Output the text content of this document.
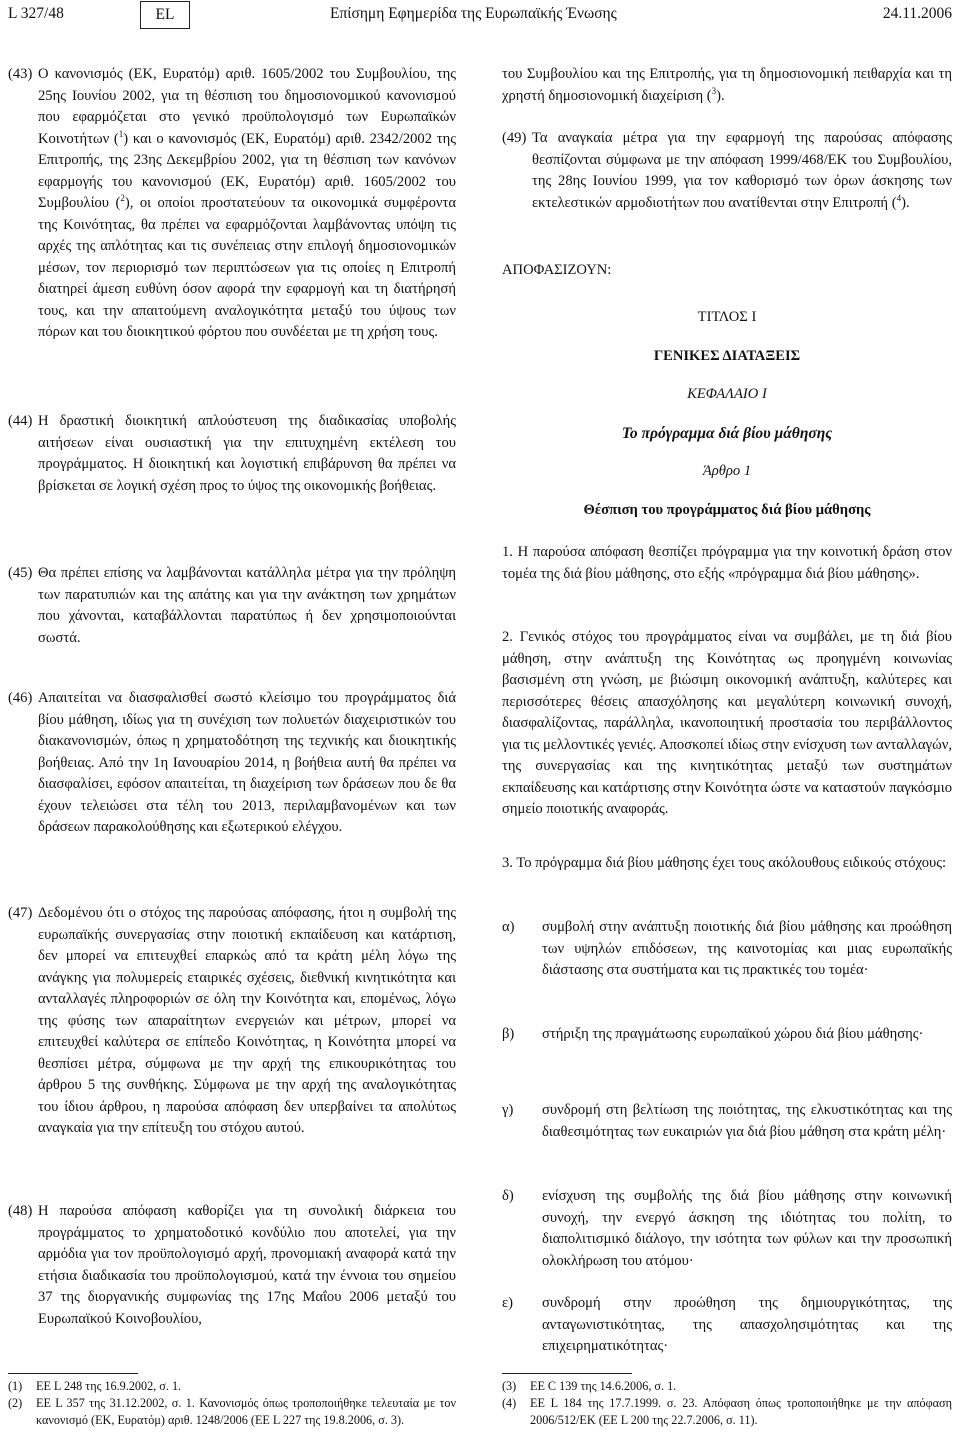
L 327/48	EL	Επίσημη Εφημερίδα της Ευρωπαϊκής Ένωσης	24.11.2006
(43) Ο κανονισμός (ΕΚ, Ευρατόμ) αριθ. 1605/2002 του Συμβουλίου, της 25ης Ιουνίου 2002, για τη θέσπιση του δημοσιονομικού κανονισμού που εφαρμόζεται στο γενικό προϋπολογισμό των Ευρωπαϊκών Κοινοτήτων ($^1$) και ο κανονισμός (ΕΚ, Ευρατόμ) αριθ. 2342/2002 της Επιτροπής, της 23ης Δεκεμβρίου 2002, για τη θέσπιση των κανόνων εφαρμογής του κανονισμού (ΕΚ, Ευρατόμ) αριθ. 1605/2002 του Συμβουλίου ($^2$), οι οποίοι προστατεύουν τα οικονομικά συμφέροντα της Κοινότητας, θα πρέπει να εφαρμόζονται λαμβάνοντας υπόψη τις αρχές της απλότητας και τις συνέπειας στην επιλογή δημοσιονομικών μέσων, τον περιορισμό των περιπτώσεων για τις οποίες η Επιτροπή διατηρεί άμεση ευθύνη όσον αφορά την εφαρμογή και τη διατήρησή τους, και την απαιτούμενη αναλογικότητα μεταξύ του ύψους των πόρων και του διοικητικού φόρτου που συνδέεται με τη χρήση τους.
(44) Η δραστική διοικητική απλούστευση της διαδικασίας υποβολής αιτήσεων είναι ουσιαστική για την επιτυχημένη εκτέλεση του προγράμματος. Η διοικητική και λογιστική επιβάρυνση θα πρέπει να βρίσκεται σε λογική σχέση προς το ύψος της οικονομικής βοήθειας.
(45) Θα πρέπει επίσης να λαμβάνονται κατάλληλα μέτρα για την πρόληψη των παρατυπιών και της απάτης και για την ανάκτηση των χρημάτων που χάνονται, καταβάλλονται παρατύπως ή δεν χρησιμοποιούνται σωστά.
(46) Απαιτείται να διασφαλισθεί σωστό κλείσιμο του προγράμματος διά βίου μάθηση, ιδίως για τη συνέχιση των πολυετών διαχειριστικών του διακανονισμών, όπως η χρηματοδότηση της τεχνικής και διοικητικής βοήθειας. Από την 1η Ιανουαρίου 2014, η βοήθεια αυτή θα πρέπει να διασφαλίσει, εφόσον απαιτείται, τη διαχείριση των δράσεων που δε θα έχουν τελειώσει στα τέλη του 2013, περιλαμβανομένων και των δράσεων παρακολούθησης και εξωτερικού ελέγχου.
(47) Δεδομένου ότι ο στόχος της παρούσας απόφασης, ήτοι η συμβολή της ευρωπαϊκής συνεργασίας στην ποιοτική εκπαίδευση και κατάρτιση, δεν μπορεί να επιτευχθεί επαρκώς από τα κράτη μέλη λόγω της ανάγκης για πολυμερείς εταιρικές σχέσεις, διεθνική κινητικότητα και ανταλλαγές πληροφοριών σε όλη την Κοινότητα και, επομένως, λόγω της φύσης των απαραίτητων ενεργειών και μέτρων, μπορεί να επιτευχθεί καλύτερα σε επίπεδο Κοινότητας, η Κοινότητα μπορεί να θεσπίσει μέτρα, σύμφωνα με την αρχή της επικουρικότητας του άρθρου 5 της συνθήκης. Σύμφωνα με την αρχή της αναλογικότητας του ίδιου άρθρου, η παρούσα απόφαση δεν υπερβαίνει τα απολύτως αναγκαία για την επίτευξη του στόχου αυτού.
(48) Η παρούσα απόφαση καθορίζει για τη συνολική διάρκεια του προγράμματος το χρηματοδοτικό κονδύλιο που αποτελεί, για την αρμόδια για τον προϋπολογισμό αρχή, προνομιακή αναφορά κατά την ετήσια διαδικασία του προϋπολογισμού, κατά την έννοια του σημείου 37 της διοργανικής συμφωνίας της 17ης Μαΐου 2006 μεταξύ του Ευρωπαϊκού Κοινοβουλίου,
(1) ΕΕ L 248 της 16.9.2002, σ. 1.
(2) ΕΕ L 357 της 31.12.2002, σ. 1. Κανονισμός όπως τροποποιήθηκε τελευταία με τον κανονισμό (ΕΚ, Ευρατόμ) αριθ. 1248/2006 (ΕΕ L 227 της 19.8.2006, σ. 3).
του Συμβουλίου και της Επιτροπής, για τη δημοσιονομική πειθαρχία και τη χρηστή δημοσιονομική διαχείριση ($^3$).
(49) Τα αναγκαία μέτρα για την εφαρμογή της παρούσας απόφασης θεσπίζονται σύμφωνα με την απόφαση 1999/468/ΕΚ του Συμβουλίου, της 28ης Ιουνίου 1999, για τον καθορισμό των όρων άσκησης των εκτελεστικών αρμοδιοτήτων που ανατίθενται στην Επιτροπή ($^4$).
ΑΠΟΦΑΣΙΖΟΥΝ:
ΤΙΤΛΟΣ I
ΓΕΝΙΚΕΣ ΔΙΑΤΑΞΕΙΣ
ΚΕΦΑΛΑΙΟ I
Το πρόγραμμα διά βίου μάθησης
Άρθρο 1
Θέσπιση του προγράμματος διά βίου μάθησης
1. Η παρούσα απόφαση θεσπίζει πρόγραμμα για την κοινοτική δράση στον τομέα της διά βίου μάθησης, στο εξής «πρόγραμμα διά βίου μάθησης».
2. Γενικός στόχος του προγράμματος είναι να συμβάλει, με τη διά βίου μάθηση, στην ανάπτυξη της Κοινότητας ως προηγμένη κοινωνίας βασισμένη στη γνώση, με βιώσιμη οικονομική ανάπτυξη, καλύτερες και περισσότερες θέσεις απασχόλησης και μεγαλύτερη κοινωνική συνοχή, διασφαλίζοντας, παράλληλα, ικανοποιητική προστασία του περιβάλλοντος για τις μελλοντικές γενιές. Αποσκοπεί ιδίως στην ενίσχυση των ανταλλαγών, της συνεργασίας και της κινητικότητας μεταξύ των συστημάτων εκπαίδευσης και κατάρτισης στην Κοινότητα ώστε να καταστούν παγκόσμιο σημείο ποιοτικής αναφοράς.
3. Το πρόγραμμα διά βίου μάθησης έχει τους ακόλουθους ειδικούς στόχους:
α) συμβολή στην ανάπτυξη ποιοτικής διά βίου μάθησης και προώθηση των υψηλών επιδόσεων, της καινοτομίας και μιας ευρωπαϊκής διάστασης στα συστήματα και τις πρακτικές του τομέα·
β) στήριξη της πραγμάτωσης ευρωπαϊκού χώρου διά βίου μάθησης·
γ) συνδρομή στη βελτίωση της ποιότητας, της ελκυστικότητας και της διαθεσιμότητας των ευκαιριών για διά βίου μάθηση στα κράτη μέλη·
δ) ενίσχυση της συμβολής της διά βίου μάθησης στην κοινωνική συνοχή, την ενεργό άσκηση της ιδιότητας του πολίτη, το διαπολιτισμικό διάλογο, την ισότητα των φύλων και την προσωπική ολοκλήρωση του ατόμου·
ε) συνδρομή στην προώθηση της δημιουργικότητας, της ανταγωνιστικότητας, της απασχολησιμότητας και της επιχειρηματικότητας·
(3) ΕΕ C 139 της 14.6.2006, σ. 1.
(4) ΕΕ L 184 της 17.7.1999. σ. 23. Απόφαση όπως τροποποιήθηκε με την απόφαση 2006/512/ΕΚ (ΕΕ L 200 της 22.7.2006, σ. 11).
